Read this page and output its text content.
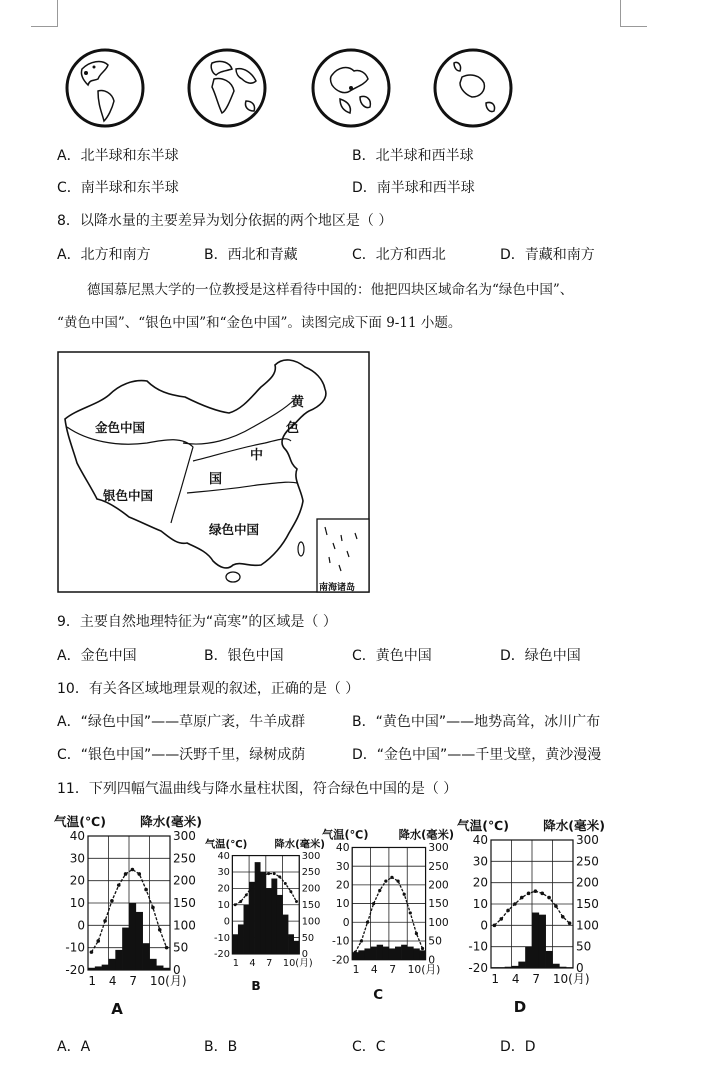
A．北半球和东半球	B．北半球和西半球
C．南半球和东半球	D．南半球和西半球
8．以降水量的主要差异为划分依据的两个地区是（ ）
A．北方和南方	B．西北和青藏	C．北方和西北	D．青藏和南方
德国慕尼黑大学的一位教授是这样看待中国的：他把四块区域命名为“绿色中国”、
“黄色中国”、“银色中国”和“金色中国”。读图完成下面 9-11 小题。
金色中国
银色中国
绿色中国
黄
色
中
国
南海诸岛
9．主要自然地理特征为“高寒”的区域是（ ）
A．金色中国	B．银色中国	C．黄色中国	D．绿色中国
10．有关各区域地理景观的叙述，正确的是（ ）
A．“绿色中国”——草原广袤，牛羊成群	B．“黄色中国”——地势高耸，冰川广布
C．“银色中国”——沃野千里，绿树成荫	D．“金色中国”——千里戈壁，黄沙漫漫
11．下列四幅气温曲线与降水量柱状图，符合绿色中国的是（ ）
气温(℃)	降水(毫米)
40
30
20
10
0
-10
-20
300
250
200
150
100
50
0
1 4 7 10(月)
A
气温(℃)	降水(毫米)
40
30
20
10
0
-10
-20
300
250
200
150
100
50
0
1 4 7 10(月)
B
气温(℃)	降水(毫米)
40
30
20
10
0
-10
-20
300
250
200
150
100
50
0
1 4 7 10(月)
C
气温(℃)	降水(毫米)
40
30
20
10
0
-10
-20
300
250
200
150
100
50
0
1 4 7 10(月)
D
A．A	B．B	C．C	D．D
